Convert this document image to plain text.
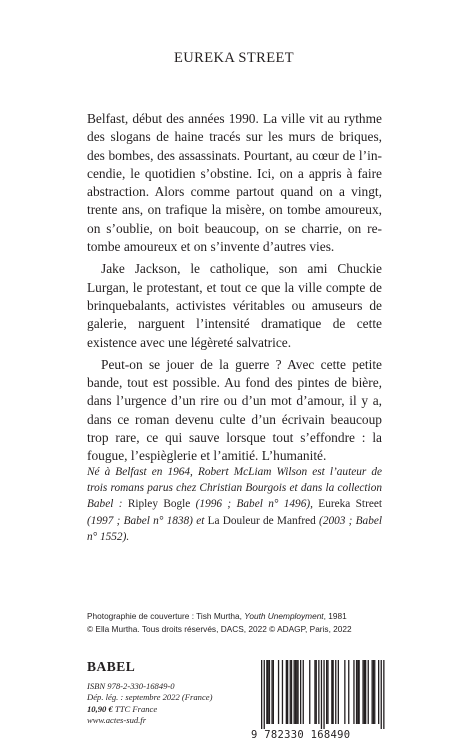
EUREKA STREET

Belfast, début des années 1990. La ville vit au rythme des slogans de haine tracés sur les murs de briques, des bombes, des assassinats. Pourtant, au cœur de l’incendie, le quotidien s’obstine. Ici, on a appris à faire abstraction. Alors comme partout quand on a vingt, trente ans, on trafique la misère, on tombe amoureux, on s’oublie, on boit beaucoup, on se charrie, on retombe amoureux et on s’invente d’autres vies.

Jake Jackson, le catholique, son ami Chuckie Lurgan, le protestant, et tout ce que la ville compte de brinquebalants, activistes véritables ou amuseurs de galerie, narguent l’intensité dramatique de cette existence avec une légèreté salvatrice.

Peut-on se jouer de la guerre ? Avec cette petite bande, tout est possible. Au fond des pintes de bière, dans l’urgence d’un rire ou d’un mot d’amour, il y a, dans ce roman devenu culte d’un écrivain beaucoup trop rare, ce qui sauve lorsque tout s’effondre : la fougue, l’espièglerie et l’amitié. L’humanité.

Né à Belfast en 1964, Robert McLiam Wilson est l’auteur de trois romans parus chez Christian Bourgois et dans la collection Babel : Ripley Bogle (1996 ; Babel n° 1496), Eureka Street (1997 ; Babel n° 1838) et La Douleur de Manfred (2003 ; Babel n° 1552).
Photographie de couverture : Tish Murtha, Youth Unemployment, 1981
© Ella Murtha. Tous droits réservés, DACS, 2022 © ADAGP, Paris, 2022
BABEL
ISBN 978-2-330-16849-0
Dép. lég. : septembre 2022 (France)
10,90 € TTC France
www.actes-sud.fr
9 782330 168490
